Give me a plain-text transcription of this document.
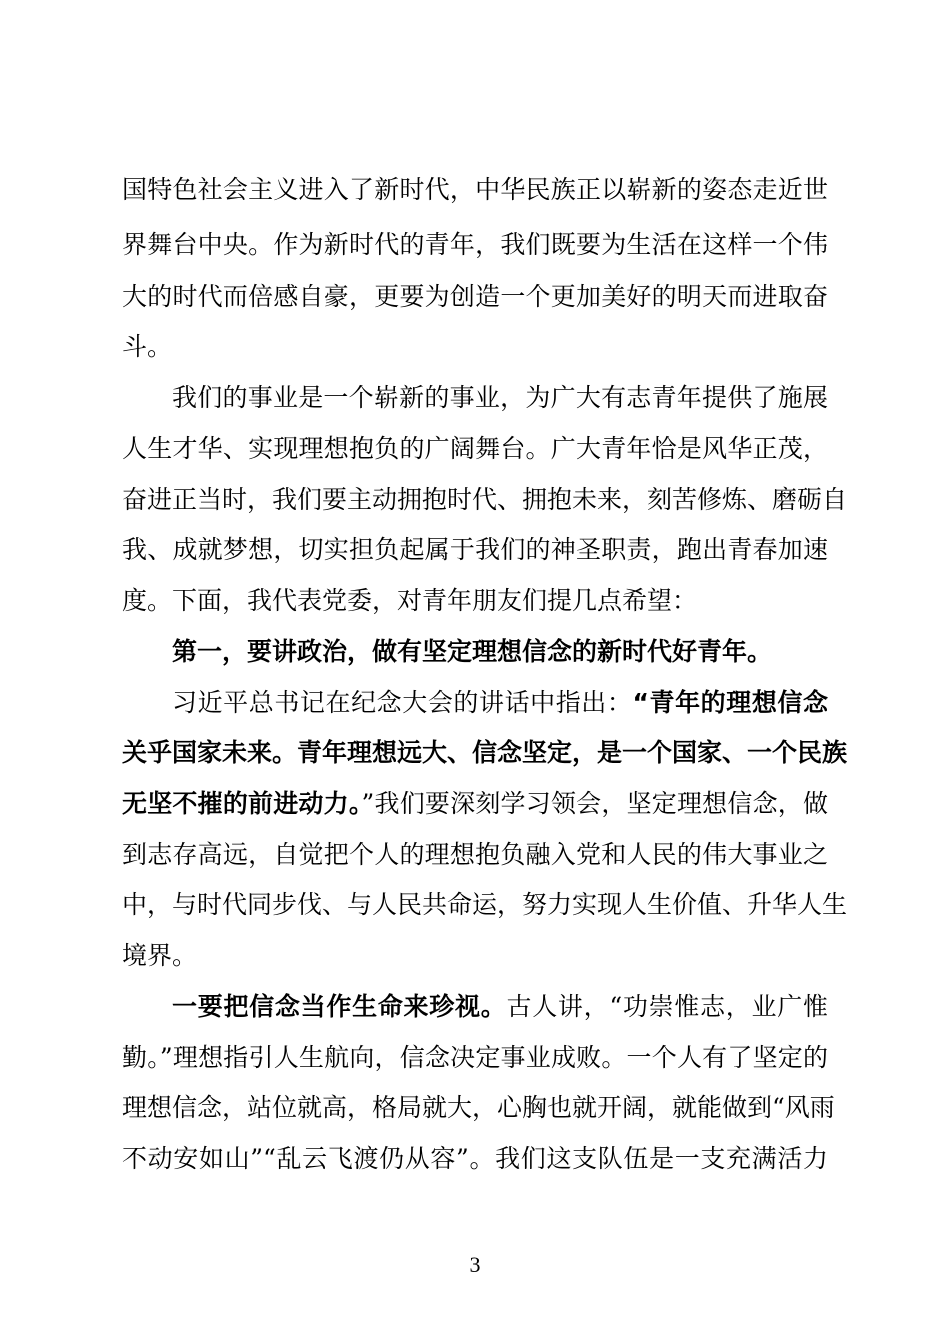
国特色社会主义进入了新时代，中华民族正以崭新的姿态走近世
界舞台中央。作为新时代的青年，我们既要为生活在这样一个伟
大的时代而倍感自豪，更要为创造一个更加美好的明天而进取奋
斗。
我们的事业是一个崭新的事业，为广大有志青年提供了施展
人生才华、实现理想抱负的广阔舞台。广大青年恰是风华正茂，
奋进正当时，我们要主动拥抱时代、拥抱未来，刻苦修炼、磨砺自
我、成就梦想，切实担负起属于我们的神圣职责，跑出青春加速
度。下面，我代表党委，对青年朋友们提几点希望：
第一，要讲政治，做有坚定理想信念的新时代好青年。
习近平总书记在纪念大会的讲话中指出：“青年的理想信念
关乎国家未来。青年理想远大、信念坚定，是一个国家、一个民族
无坚不摧的前进动力。”我们要深刻学习领会，坚定理想信念，做
到志存高远，自觉把个人的理想抱负融入党和人民的伟大事业之
中，与时代同步伐、与人民共命运，努力实现人生价值、升华人生
境界。
一要把信念当作生命来珍视。古人讲，“功崇惟志，业广惟
勤。”理想指引人生航向，信念决定事业成败。一个人有了坚定的
理想信念，站位就高，格局就大，心胸也就开阔，就能做到“风雨
不动安如山”“乱云飞渡仍从容”。我们这支队伍是一支充满活力
3
